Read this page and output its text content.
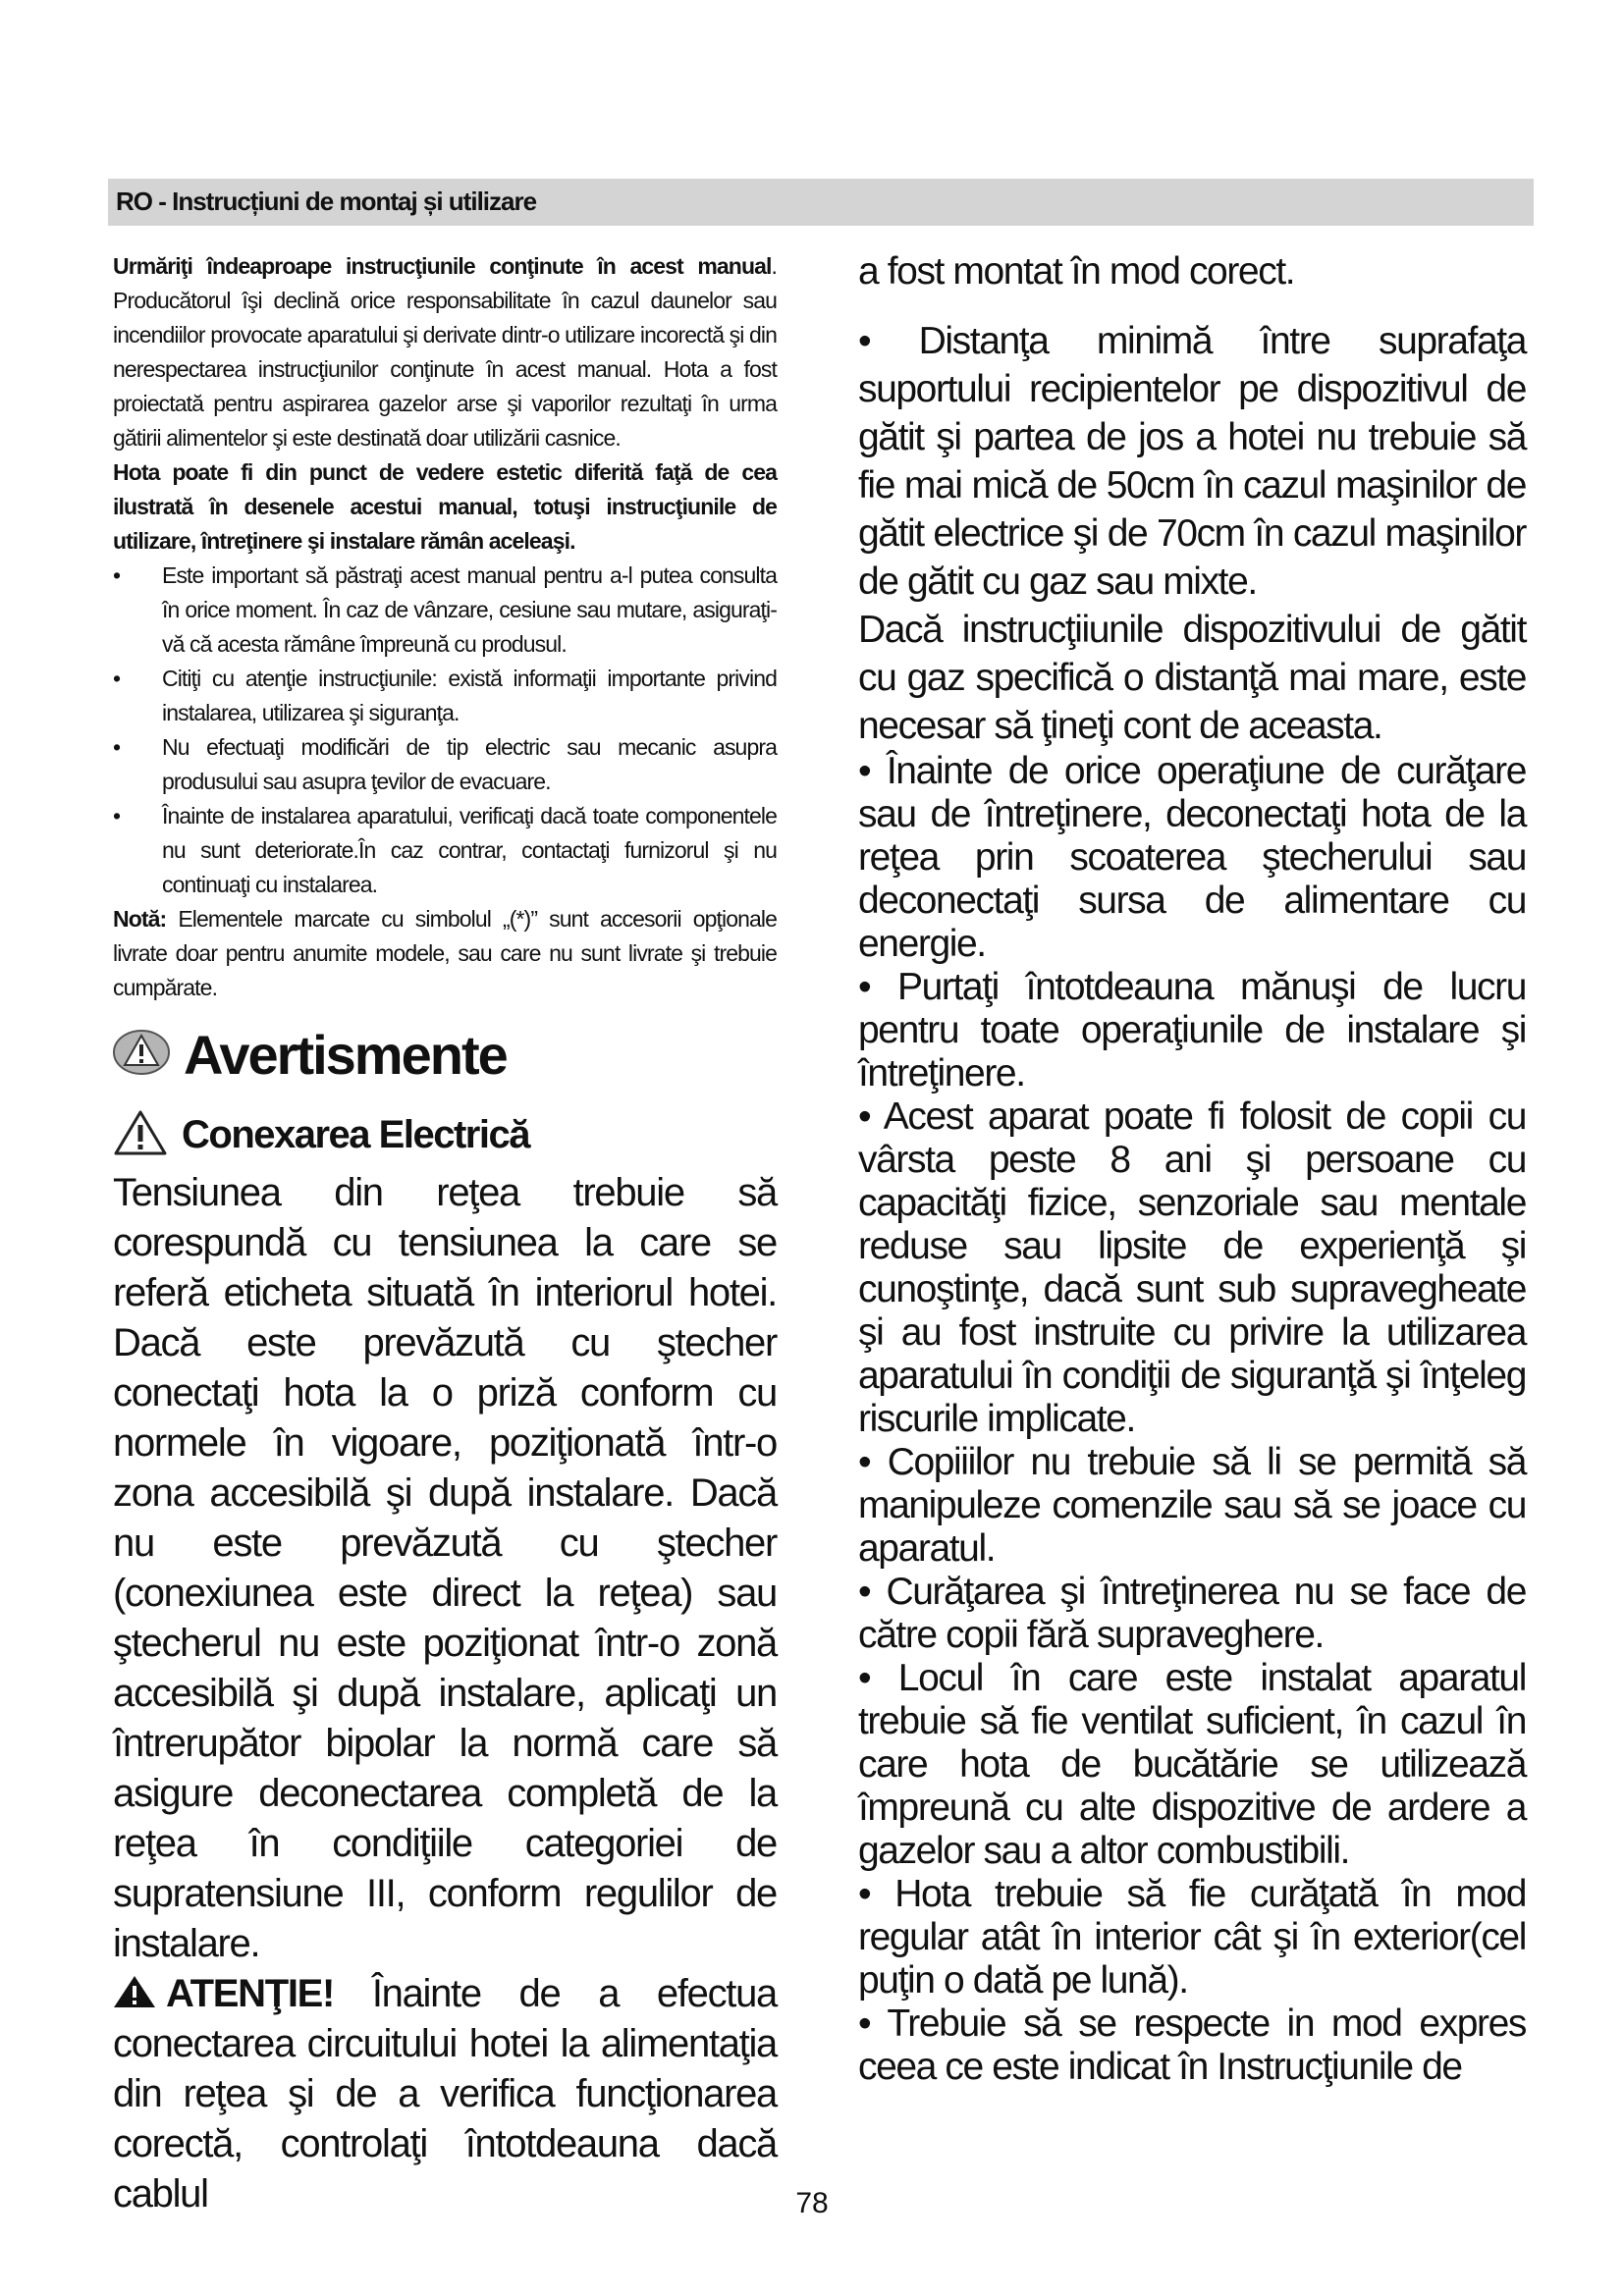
RO - Instrucțiuni de montaj și utilizare

Urmăriţi îndeaproape instrucţiunile conţinute în acest manual. Producătorul îşi declină orice responsabilitate în cazul daunelor sau incendiilor provocate aparatului şi derivate dintr-o utilizare incorectă şi din nerespectarea instrucţiunilor conţinute în acest manual. Hota a fost proiectată pentru aspirarea gazelor arse şi vaporilor rezultaţi în urma gătirii alimentelor şi este destinată doar utilizării casnice.

Hota poate fi din punct de vedere estetic diferită faţă de cea ilustrată în desenele acestui manual, totuşi instrucţiunile de utilizare, întreţinere şi instalare rămân aceleaşi.

•	Este important să păstraţi acest manual pentru a-l putea consulta în orice moment. În caz de vânzare, cesiune sau mutare, asiguraţi-vă că acesta rămâne împreună cu produsul.
•	Citiţi cu atenţie instrucţiunile: există informaţii importante privind instalarea, utilizarea şi siguranţa.
•	Nu efectuaţi modificări de tip electric sau mecanic asupra produsului sau asupra ţevilor de evacuare.
•	Înainte de instalarea aparatului, verificaţi dacă toate componentele nu sunt deteriorate.În caz contrar, contactaţi furnizorul şi nu continuaţi cu instalarea.

Notă: Elementele marcate cu simbolul „(*)” sunt accesorii opţionale livrate doar pentru anumite modele, sau care nu sunt livrate şi trebuie cumpărate.

Avertismente
Conexarea Electrică

Tensiunea din reţea trebuie să corespundă cu tensiunea la care se referă eticheta situată în interiorul hotei. Dacă este prevăzută cu ştecher conectaţi hota la o priză conform cu normele în vigoare, poziţionată într-o zona accesibilă şi după instalare. Dacă nu este prevăzută cu ştecher (conexiunea este direct la reţea) sau ştecherul nu este poziţionat într-o zonă accesibilă şi după instalare, aplicaţi un întrerupător bipolar la normă care să asigure deconectarea completă de la reţea în condiţiile categoriei de supratensiune III, conform regulilor de instalare.

ATENŢIE! Înainte de a efectua conectarea circuitului hotei la alimentaţia din reţea şi de a verifica funcţionarea corectă, controlaţi întotdeauna dacă cablul

a fost montat în mod corect.

• Distanţa minimă între suprafaţa suportului recipientelor pe dispozitivul de gătit şi partea de jos a hotei nu trebuie să fie mai mică de 50cm în cazul maşinilor de gătit electrice şi de 70cm în cazul maşinilor de gătit cu gaz sau mixte.

Dacă instrucţiiunile dispozitivului de gătit cu gaz specifică o distanţă mai mare, este necesar să ţineţi cont de aceasta.

• Înainte de orice operaţiune de curăţare sau de întreţinere, deconectaţi hota de la reţea prin scoaterea ştecherului sau deconectaţi sursa de alimentare cu energie.

• Purtaţi întotdeauna mănuşi de lucru pentru toate operaţiunile de instalare şi întreţinere.

• Acest aparat poate fi folosit de copii cu vârsta peste 8 ani şi persoane cu capacităţi fizice, senzoriale sau mentale reduse sau lipsite de experienţă şi cunoştinţe, dacă sunt sub supravegheate şi au fost instruite cu privire la utilizarea aparatului în condiţii de siguranţă şi înţeleg riscurile implicate.

• Copiiilor nu trebuie să li se permită să manipuleze comenzile sau să se joace cu aparatul.

• Curăţarea şi întreţinerea nu se face de către copii fără supraveghere.

• Locul în care este instalat aparatul trebuie să fie ventilat suficient, în cazul în care hota de bucătărie se utilizează împreună cu alte dispozitive de ardere a gazelor sau a altor combustibili.

• Hota trebuie să fie curăţată în mod regular atât în interior cât şi în exterior(cel puţin o dată pe lună).

• Trebuie să se respecte in mod expres ceea ce este indicat în Instrucţiunile de

78
